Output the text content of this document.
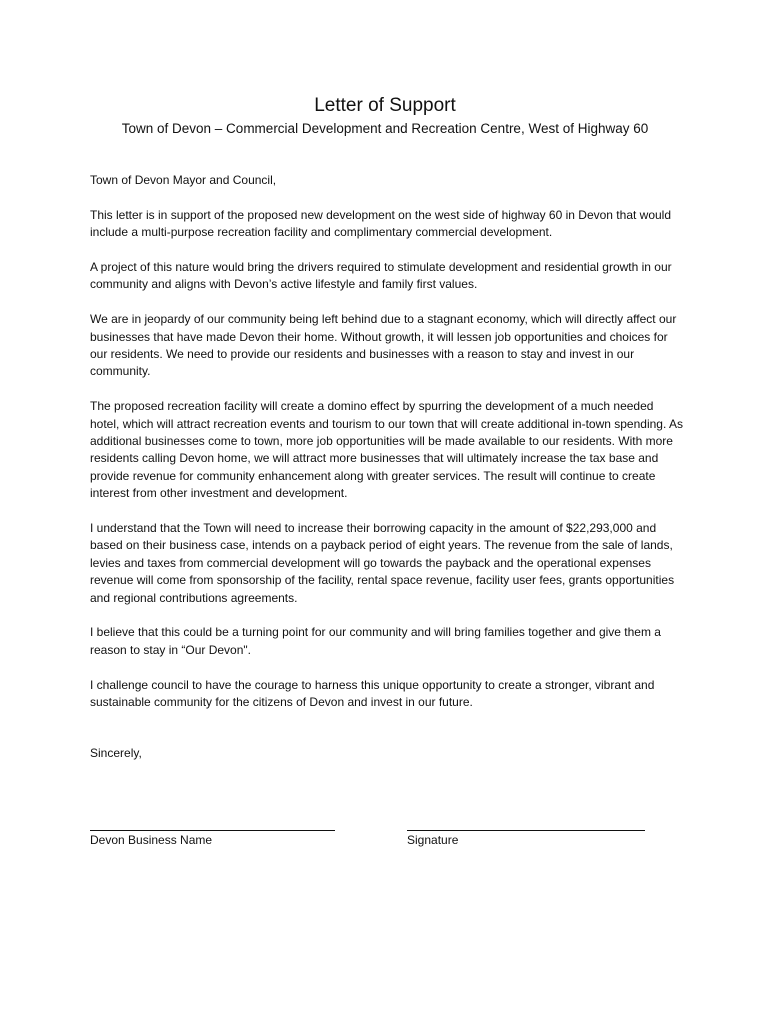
Letter of Support
Town of Devon – Commercial Development and Recreation Centre, West of Highway 60

Town of Devon Mayor and Council,

This letter is in support of the proposed new development on the west side of highway 60 in Devon that would include a multi-purpose recreation facility and complimentary commercial development.

A project of this nature would bring the drivers required to stimulate development and residential growth in our community and aligns with Devon’s active lifestyle and family first values.

We are in jeopardy of our community being left behind due to a stagnant economy, which will directly affect our businesses that have made Devon their home. Without growth, it will lessen job opportunities and choices for our residents. We need to provide our residents and businesses with a reason to stay and invest in our community.

The proposed recreation facility will create a domino effect by spurring the development of a much needed hotel, which will attract recreation events and tourism to our town that will create additional in-town spending. As additional businesses come to town, more job opportunities will be made available to our residents. With more residents calling Devon home, we will attract more businesses that will ultimately increase the tax base and provide revenue for community enhancement along with greater services. The result will continue to create interest from other investment and development.

I understand that the Town will need to increase their borrowing capacity in the amount of $22,293,000 and based on their business case, intends on a payback period of eight years. The revenue from the sale of lands, levies and taxes from commercial development will go towards the payback and the operational expenses revenue will come from sponsorship of the facility, rental space revenue, facility user fees, grants opportunities and regional contributions agreements.

I believe that this could be a turning point for our community and will bring families together and give them a reason to stay in “Our Devon".

I challenge council to have the courage to harness this unique opportunity to create a stronger, vibrant and sustainable community for the citizens of Devon and invest in our future.

Sincerely,

Devon Business Name	Signature
